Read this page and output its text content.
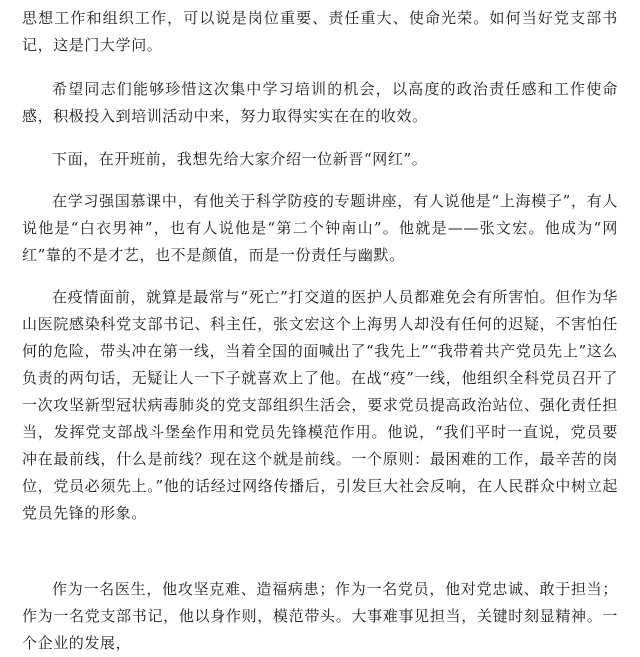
思想工作和组织工作，可以说是岗位重要、责任重大、使命光荣。如何当好党支部书记，这是门大学问。

希望同志们能够珍惜这次集中学习培训的机会，以高度的政治责任感和工作使命感，积极投入到培训活动中来，努力取得实实在在的收效。

下面，在开班前，我想先给大家介绍一位新晋“网红”。

在学习强国慕课中，有他关于科学防疫的专题讲座，有人说他是“上海模子”，有人说他是“白衣男神”，也有人说他是“第二个钟南山”。他就是——张文宏。他成为“网红”靠的不是才艺，也不是颜值，而是一份责任与幽默。

在疫情面前，就算是最常与“死亡”打交道的医护人员都难免会有所害怕。但作为华山医院感染科党支部书记、科主任，张文宏这个上海男人却没有任何的迟疑，不害怕任何的危险，带头冲在第一线，当着全国的面喊出了“我先上”“我带着共产党员先上”这么负责的两句话，无疑让人一下子就喜欢上了他。在战“疫”一线，他组织全科党员召开了一次攻坚新型冠状病毒肺炎的党支部组织生活会，要求党员提高政治站位、强化责任担当，发挥党支部战斗堡垒作用和党员先锋模范作用。他说，“我们平时一直说，党员要冲在最前线，什么是前线？现在这个就是前线。一个原则：最困难的工作，最辛苦的岗位，党员必须先上。”他的话经过网络传播后，引发巨大社会反响，在人民群众中树立起党员先锋的形象。

作为一名医生，他攻坚克难、造福病患；作为一名党员，他对党忠诚、敢于担当；作为一名党支部书记，他以身作则，模范带头。大事难事见担当，关键时刻显精神。一个企业的发展，
